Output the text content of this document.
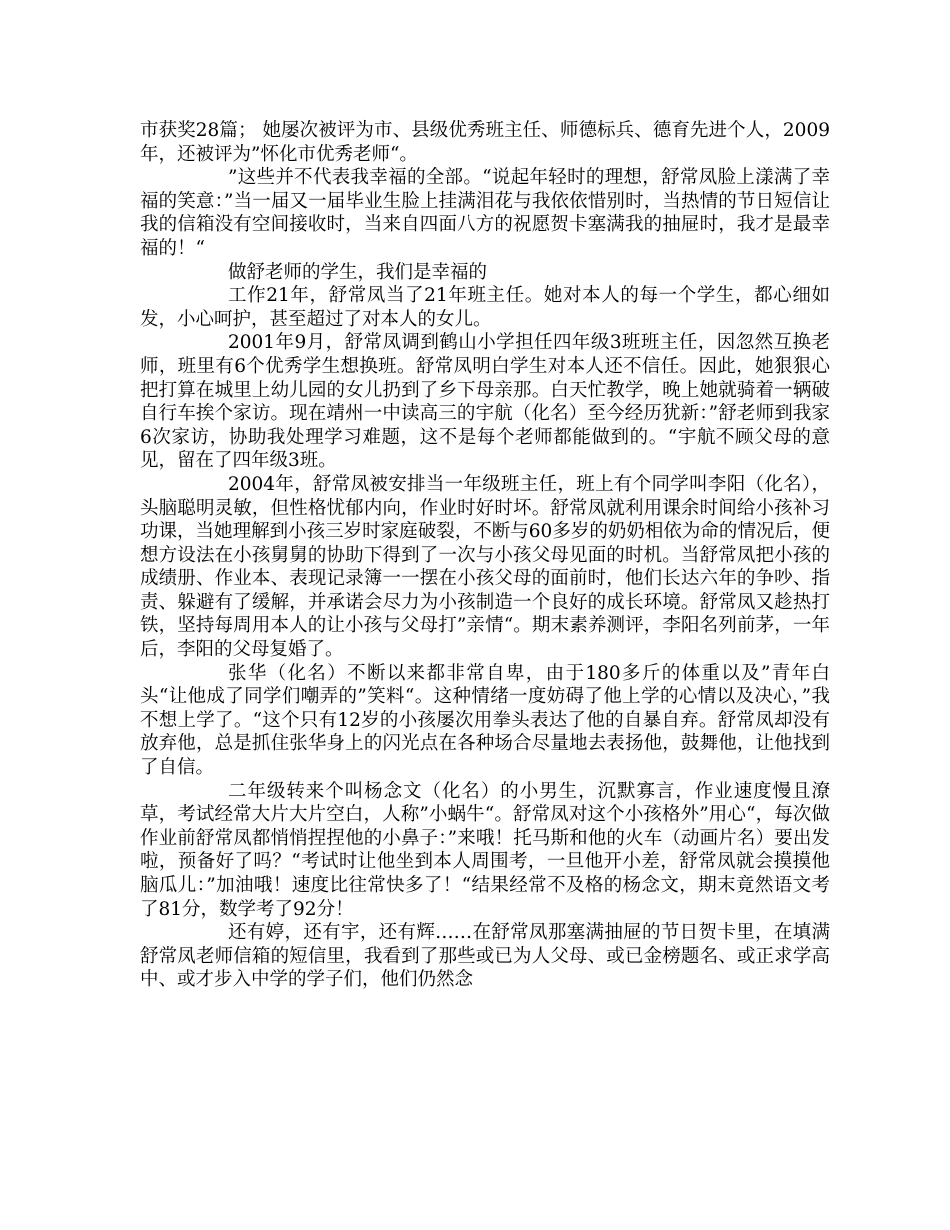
市获奖28篇； 她屡次被评为市、县级优秀班主任、师德标兵、德育先进个人，2009年，还被评为”怀化市优秀老师“。

”这些并不代表我幸福的全部。“说起年轻时的理想，舒常凤脸上漾满了幸福的笑意：”当一届又一届毕业生脸上挂满泪花与我依依惜别时，当热情的节日短信让我的信箱没有空间接收时，当来自四面八方的祝愿贺卡塞满我的抽屉时，我才是最幸福的！“

做舒老师的学生，我们是幸福的

工作21年，舒常凤当了21年班主任。她对本人的每一个学生，都心细如发，小心呵护，甚至超过了对本人的女儿。

2001年9月，舒常凤调到鹤山小学担任四年级3班班主任，因忽然互换老师，班里有6个优秀学生想换班。舒常凤明白学生对本人还不信任。因此，她狠狠心把打算在城里上幼儿园的女儿扔到了乡下母亲那。白天忙教学，晚上她就骑着一辆破自行车挨个家访。现在靖州一中读高三的宇航（化名）至今经历犹新：”舒老师到我家6次家访，协助我处理学习难题，这不是每个老师都能做到的。“宇航不顾父母的意见，留在了四年级3班。

2004年，舒常凤被安排当一年级班主任，班上有个同学叫李阳（化名），头脑聪明灵敏，但性格忧郁内向，作业时好时坏。舒常凤就利用课余时间给小孩补习功课，当她理解到小孩三岁时家庭破裂，不断与60多岁的奶奶相依为命的情况后，便想方设法在小孩舅舅的协助下得到了一次与小孩父母见面的时机。当舒常凤把小孩的成绩册、作业本、表现记录簿一一摆在小孩父母的面前时，他们长达六年的争吵、指责、躲避有了缓解，并承诺会尽力为小孩制造一个良好的成长环境。舒常凤又趁热打铁，坚持每周用本人的让小孩与父母打”亲情“。期末素养测评，李阳名列前茅，一年后，李阳的父母复婚了。

张华（化名）不断以来都非常自卑，由于180多斤的体重以及”青年白头“让他成了同学们嘲弄的”笑料“。这种情绪一度妨碍了他上学的心情以及决心，”我不想上学了。“这个只有12岁的小孩屡次用拳头表达了他的自暴自弃。舒常凤却没有放弃他，总是抓住张华身上的闪光点在各种场合尽量地去表扬他，鼓舞他，让他找到了自信。

二年级转来个叫杨念文（化名）的小男生，沉默寡言，作业速度慢且潦草，考试经常大片大片空白，人称”小蜗牛“。舒常凤对这个小孩格外”用心“，每次做作业前舒常凤都悄悄捏捏他的小鼻子：”来哦！托马斯和他的火车（动画片名）要出发啦，预备好了吗？“考试时让他坐到本人周围考，一旦他开小差，舒常凤就会摸摸他脑瓜儿：”加油哦！速度比往常快多了！“结果经常不及格的杨念文，期末竟然语文考了81分，数学考了92分！

还有婷，还有宇，还有辉……在舒常凤那塞满抽屉的节日贺卡里，在填满舒常凤老师信箱的短信里，我看到了那些或已为人父母、或已金榜题名、或正求学高中、或才步入中学的学子们，他们仍然念
